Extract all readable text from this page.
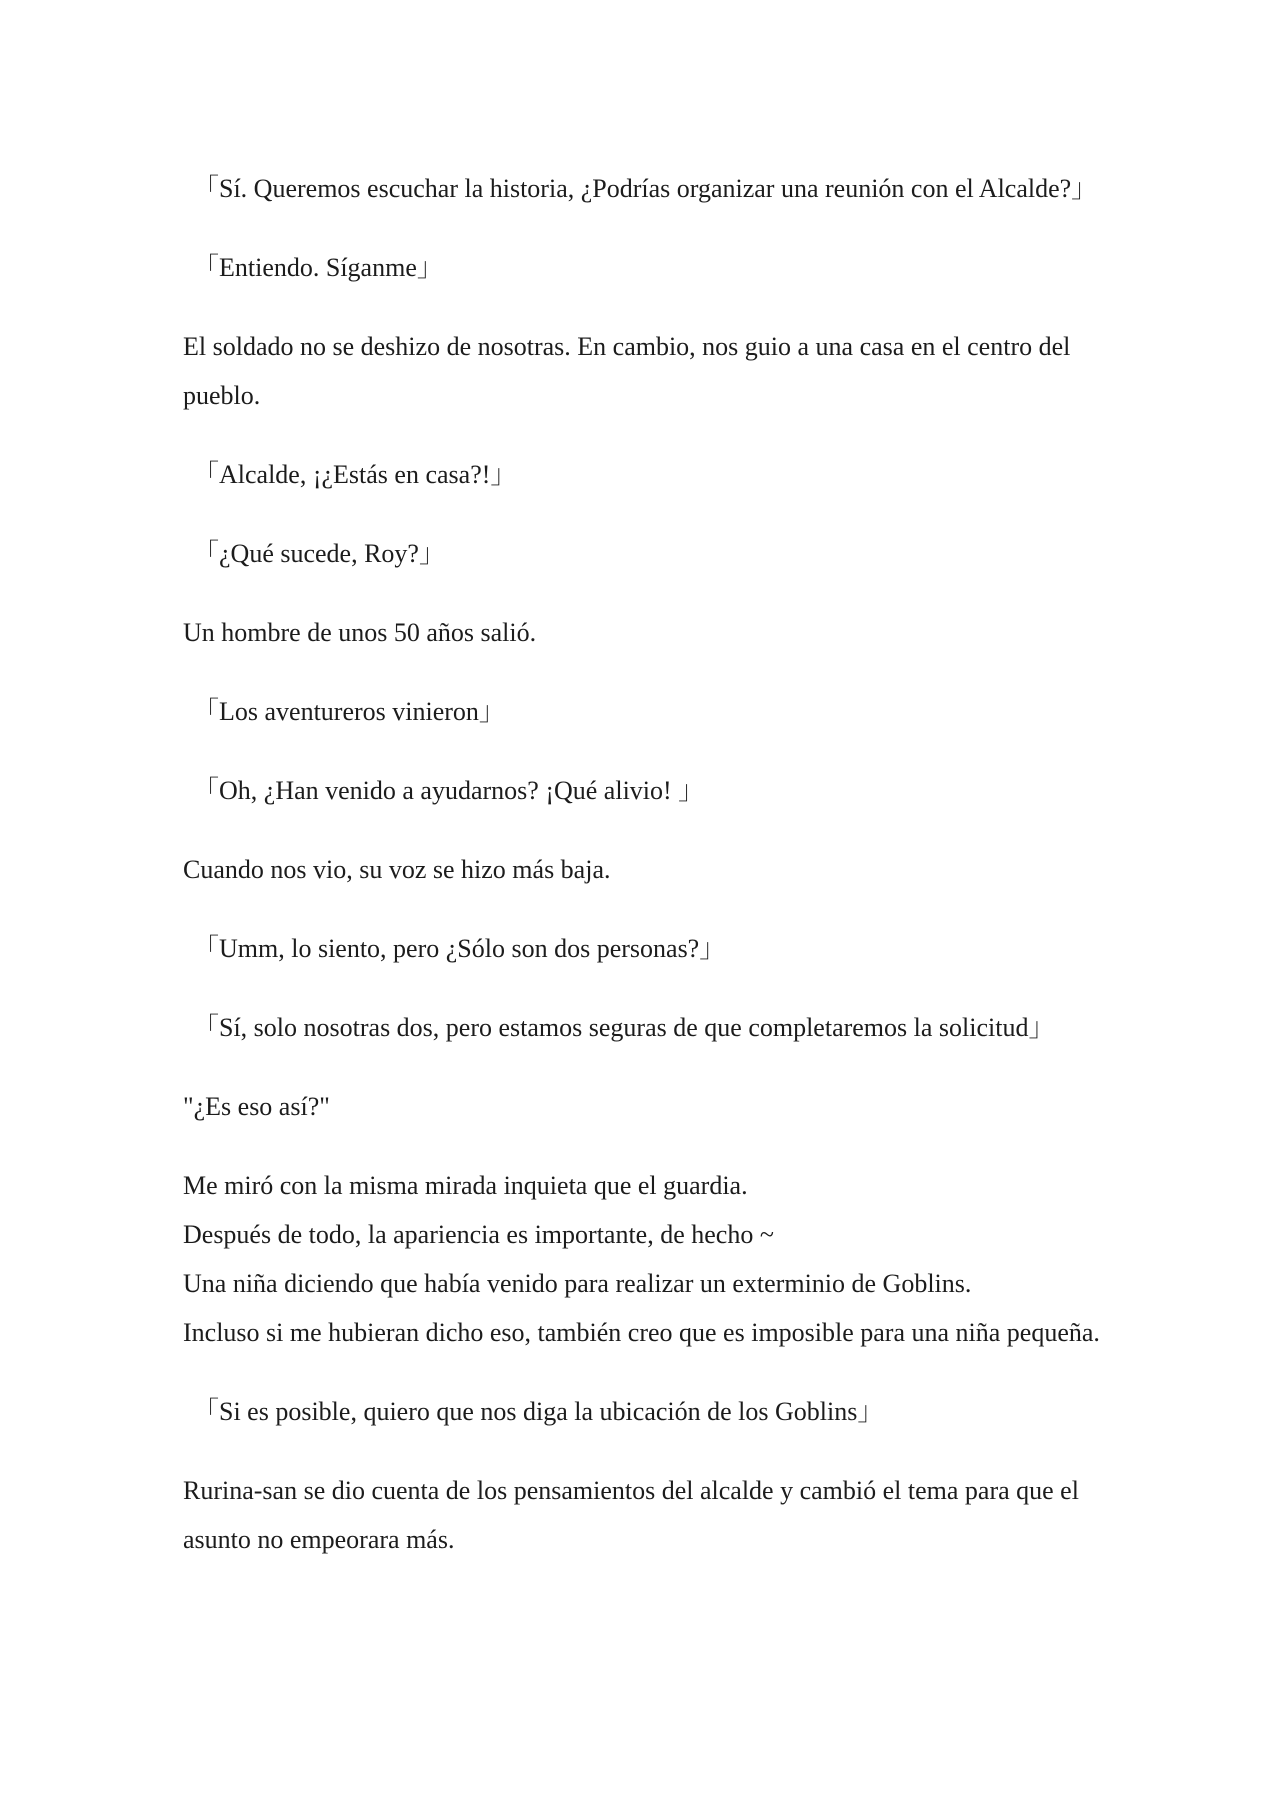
「Sí. Queremos escuchar la historia, ¿Podrías organizar una reunión con el Alcalde?」

「Entiendo. Síganme」

El soldado no se deshizo de nosotras. En cambio, nos guio a una casa en el centro del pueblo.

「Alcalde, ¡¿Estás en casa?!」

「¿Qué sucede, Roy?」

Un hombre de unos 50 años salió.

「Los aventureros vinieron」

「Oh, ¿Han venido a ayudarnos? ¡Qué alivio! 」

Cuando nos vio, su voz se hizo más baja.

「Umm, lo siento, pero ¿Sólo son dos personas?」

「Sí, solo nosotras dos, pero estamos seguras de que completaremos la solicitud」

"¿Es eso así?"

Me miró con la misma mirada inquieta que el guardia.

Después de todo, la apariencia es importante, de hecho ~

Una niña diciendo que había venido para realizar un exterminio de Goblins.

Incluso si me hubieran dicho eso, también creo que es imposible para una niña pequeña.

「Si es posible, quiero que nos diga la ubicación de los Goblins」

Rurina-san se dio cuenta de los pensamientos del alcalde y cambió el tema para que el asunto no empeorara más.
